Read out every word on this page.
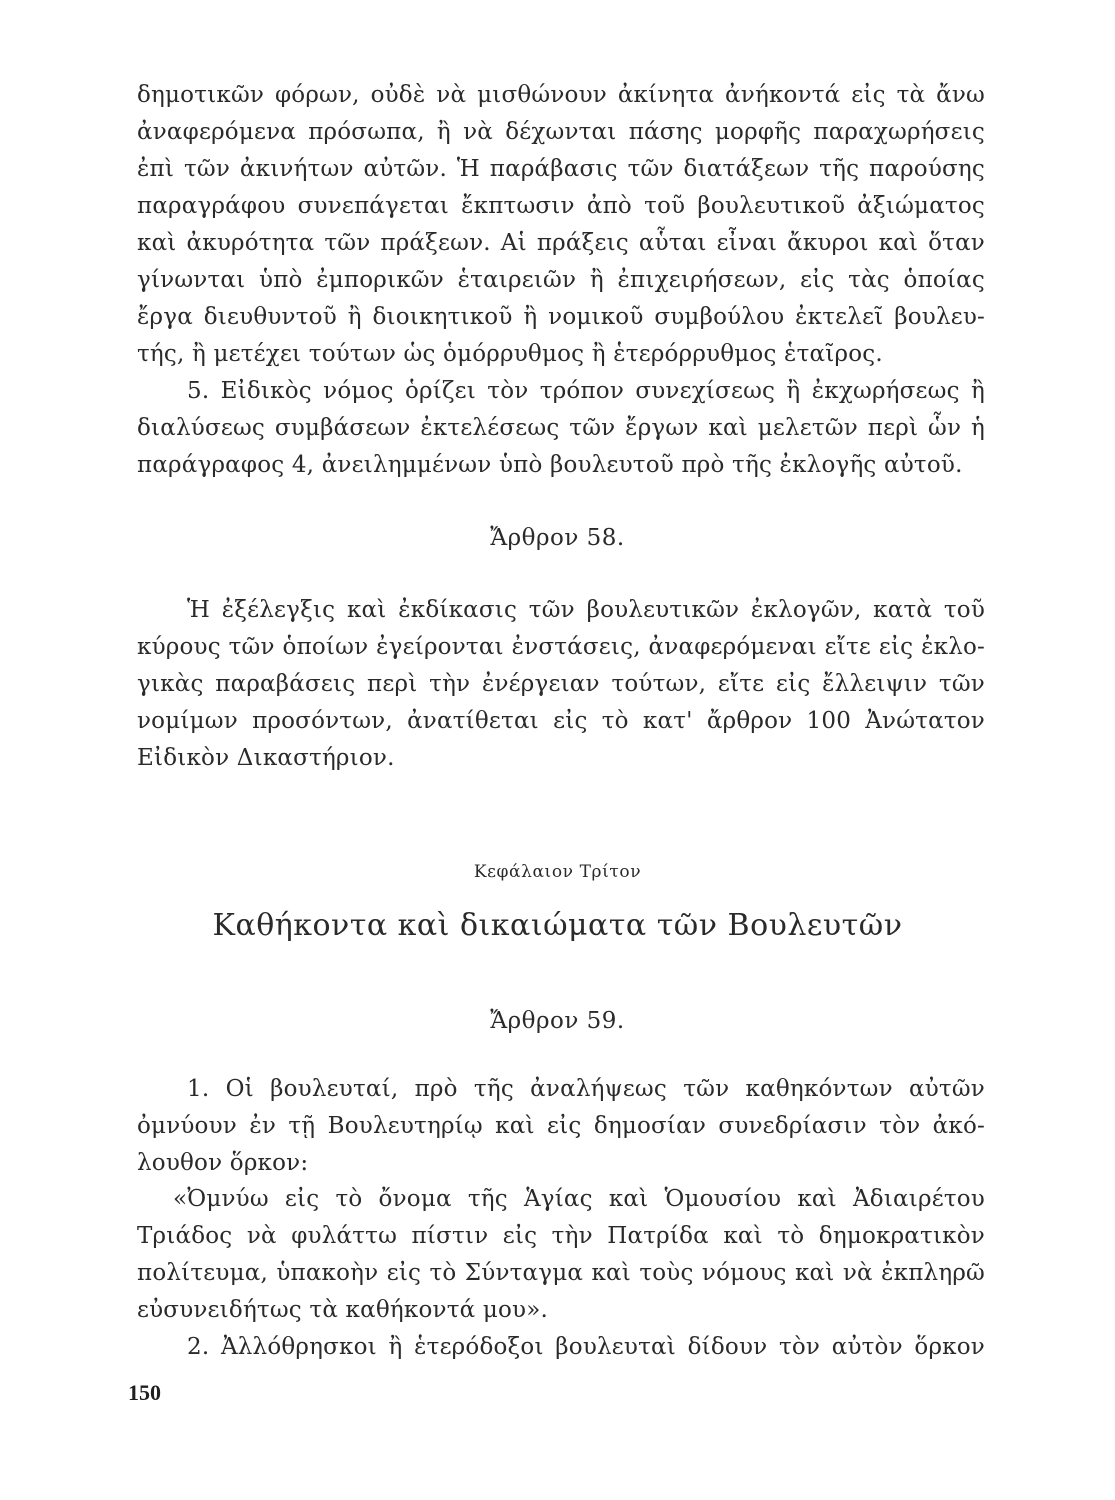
δημοτικῶν φόρων, οὐδὲ νὰ μισθώνουν ἀκίνητα ἀνήκοντά εἰς τὰ ἄνω
ἀναφερόμενα πρόσωπα, ἢ νὰ δέχωνται πάσης μορφῆς παραχωρήσεις
ἐπὶ τῶν ἀκινήτων αὐτῶν. Ἡ παράβασις τῶν διατάξεων τῆς παρούσης
παραγράφου συνεπάγεται ἔκπτωσιν ἀπὸ τοῦ βουλευτικοῦ ἀξιώματος
καὶ ἀκυρότητα τῶν πράξεων. Αἱ πράξεις αὗται εἶναι ἄκυροι καὶ ὅταν
γίνωνται ὑπὸ ἐμπορικῶν ἑταιρειῶν ἢ ἐπιχειρήσεων, εἰς τὰς ὁποίας
ἔργα διευθυντοῦ ἢ διοικητικοῦ ἢ νομικοῦ συμβούλου ἐκτελεῖ βουλευ-
τής, ἢ μετέχει τούτων ὡς ὁμόρρυθμος ἢ ἑτερόρρυθμος ἑταῖρος.
5. Εἰδικὸς νόμος ὁρίζει τὸν τρόπον συνεχίσεως ἢ ἐκχωρήσεως ἢ
διαλύσεως συμβάσεων ἐκτελέσεως τῶν ἔργων καὶ μελετῶν περὶ ὧν ἡ
παράγραφος 4, ἀνειλημμένων ὑπὸ βουλευτοῦ πρὸ τῆς ἐκλογῆς αὐτοῦ.
Ἄρθρον 58.
Ἡ ἐξέλεγξις καὶ ἐκδίκασις τῶν βουλευτικῶν ἐκλογῶν, κατὰ τοῦ
κύρους τῶν ὁποίων ἐγείρονται ἐνστάσεις, ἀναφερόμεναι εἴτε εἰς ἐκλο-
γικὰς παραβάσεις περὶ τὴν ἐνέργειαν τούτων, εἴτε εἰς ἔλλειψιν τῶν
νομίμων προσόντων, ἀνατίθεται εἰς τὸ κατ' ἄρθρον 100 Ἀνώτατον
Εἰδικὸν Δικαστήριον.
Κεφάλαιον Τρίτον
Καθήκοντα καὶ δικαιώματα τῶν Βουλευτῶν
Ἄρθρον 59.
1. Οἱ βουλευταί, πρὸ τῆς ἀναλήψεως τῶν καθηκόντων αὐτῶν
ὀμνύουν ἐν τῇ Βουλευτηρίῳ καὶ εἰς δημοσίαν συνεδρίασιν τὸν ἀκό-
λουθον ὅρκον:
«Ὀμνύω εἰς τὸ ὄνομα τῆς Ἁγίας καὶ Ὁμουσίου καὶ Ἀδιαιρέτου
Τριάδος νὰ φυλάττω πίστιν εἰς τὴν Πατρίδα καὶ τὸ δημοκρατικὸν
πολίτευμα, ὑπακοὴν εἰς τὸ Σύνταγμα καὶ τοὺς νόμους καὶ νὰ ἐκπληρῶ
εὐσυνειδήτως τὰ καθήκοντά μου».
2. Ἀλλόθρησκοι ἢ ἑτερόδοξοι βουλευταὶ δίδουν τὸν αὐτὸν ὅρκον
150
